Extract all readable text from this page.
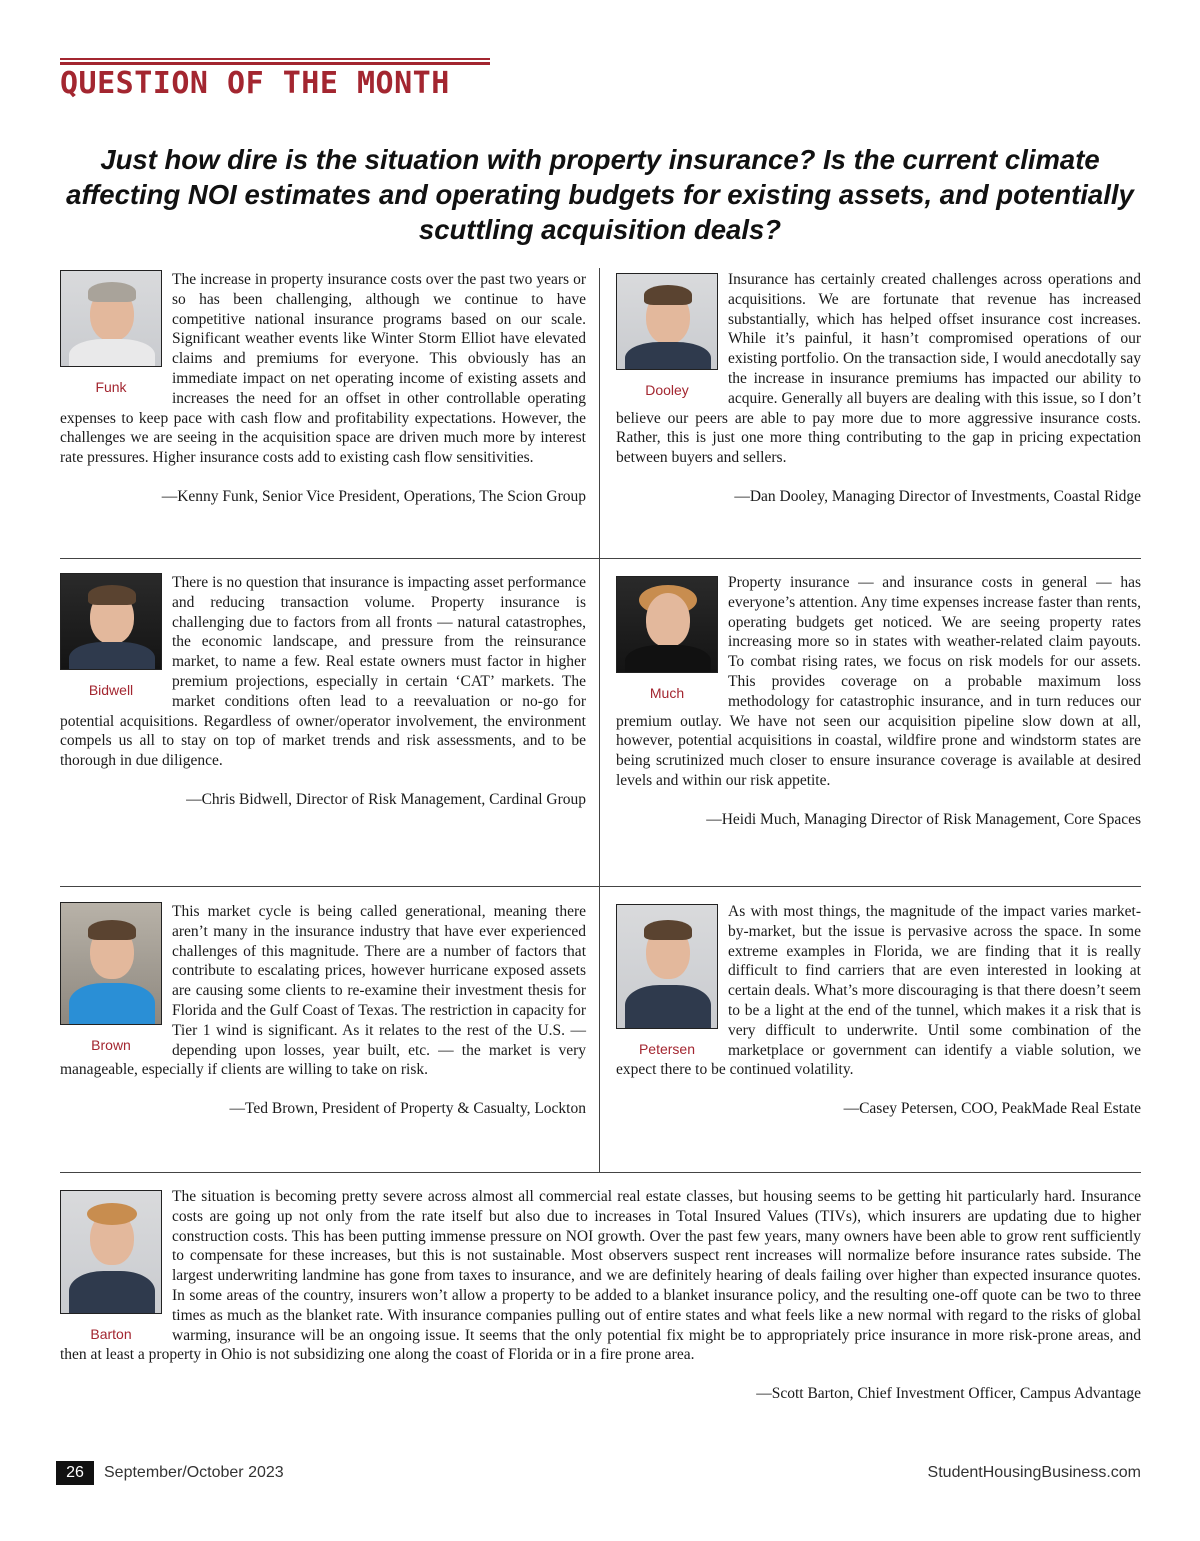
QUESTION OF THE MONTH
Just how dire is the situation with property insurance? Is the current climate affecting NOI estimates and operating budgets for existing assets, and potentially scuttling acquisition deals?
Funk
The increase in property insurance costs over the past two years or so has been challenging, although we continue to have competitive national insurance programs based on our scale. Significant weather events like Winter Storm Elliot have elevated claims and premiums for everyone. This obviously has an immediate impact on net operating income of existing assets and increases the need for an offset in other controllable operating expenses to keep pace with cash flow and profitability expectations. However, the challenges we are seeing in the acquisition space are driven much more by interest rate pressures. Higher insurance costs add to existing cash flow sensitivities.
—Kenny Funk, Senior Vice President, Operations, The Scion Group
Dooley
Insurance has certainly created challenges across operations and acquisitions. We are fortunate that revenue has increased substantially, which has helped offset insurance cost increases. While it’s painful, it hasn’t compromised operations of our existing portfolio. On the transaction side, I would anecdotally say the increase in insurance premiums has impacted our ability to acquire. Generally all buyers are dealing with this issue, so I don’t believe our peers are able to pay more due to more aggressive insurance costs. Rather, this is just one more thing contributing to the gap in pricing expectation between buyers and sellers.
—Dan Dooley, Managing Director of Investments, Coastal Ridge
Bidwell
There is no question that insurance is impacting asset performance and reducing transaction volume. Property insurance is challenging due to factors from all fronts — natural catastrophes, the economic landscape, and pressure from the reinsurance market, to name a few. Real estate owners must factor in higher premium projections, especially in certain ‘CAT’ markets. The market conditions often lead to a reevaluation or no-go for potential acquisitions. Regardless of owner/operator involvement, the environment compels us all to stay on top of market trends and risk assessments, and to be thorough in due diligence.
—Chris Bidwell, Director of Risk Management, Cardinal Group
Much
Property insurance — and insurance costs in general — has everyone’s attention. Any time expenses increase faster than rents, operating budgets get noticed. We are seeing property rates increasing more so in states with weather-related claim payouts. To combat rising rates, we focus on risk models for our assets. This provides coverage on a probable maximum loss methodology for catastrophic insurance, and in turn reduces our premium outlay. We have not seen our acquisition pipeline slow down at all, however, potential acquisitions in coastal, wildfire prone and windstorm states are being scrutinized much closer to ensure insurance coverage is available at desired levels and within our risk appetite.
—Heidi Much, Managing Director of Risk Management, Core Spaces
Brown
This market cycle is being called generational, meaning there aren’t many in the insurance industry that have ever experienced challenges of this magnitude. There are a number of factors that contribute to escalating prices, however hurricane exposed assets are causing some clients to re-examine their investment thesis for Florida and the Gulf Coast of Texas. The restriction in capacity for Tier 1 wind is significant. As it relates to the rest of the U.S. — depending upon losses, year built, etc. — the market is very manageable, especially if clients are willing to take on risk.
—Ted Brown, President of Property & Casualty, Lockton
Petersen
As with most things, the magnitude of the impact varies market-by-market, but the issue is pervasive across the space. In some extreme examples in Florida, we are finding that it is really difficult to find carriers that are even interested in looking at certain deals. What’s more discouraging is that there doesn’t seem to be a light at the end of the tunnel, which makes it a risk that is very difficult to underwrite. Until some combination of the marketplace or government can identify a viable solution, we expect there to be continued volatility.
—Casey Petersen, COO, PeakMade Real Estate
Barton
The situation is becoming pretty severe across almost all commercial real estate classes, but housing seems to be getting hit particularly hard. Insurance costs are going up not only from the rate itself but also due to increases in Total Insured Values (TIVs), which insurers are updating due to higher construction costs. This has been putting immense pressure on NOI growth. Over the past few years, many owners have been able to grow rent sufficiently to compensate for these increases, but this is not sustainable. Most observers suspect rent increases will normalize before insurance rates subside. The largest underwriting landmine has gone from taxes to insurance, and we are definitely hearing of deals failing over higher than expected insurance quotes. In some areas of the country, insurers won’t allow a property to be added to a blanket insurance policy, and the resulting one-off quote can be two to three times as much as the blanket rate. With insurance companies pulling out of entire states and what feels like a new normal with regard to the risks of global warming, insurance will be an ongoing issue. It seems that the only potential fix might be to appropriately price insurance in more risk-prone areas, and then at least a property in Ohio is not subsidizing one along the coast of Florida or in a fire prone area.
—Scott Barton, Chief Investment Officer, Campus Advantage
26	September/October 2023	StudentHousingBusiness.com
